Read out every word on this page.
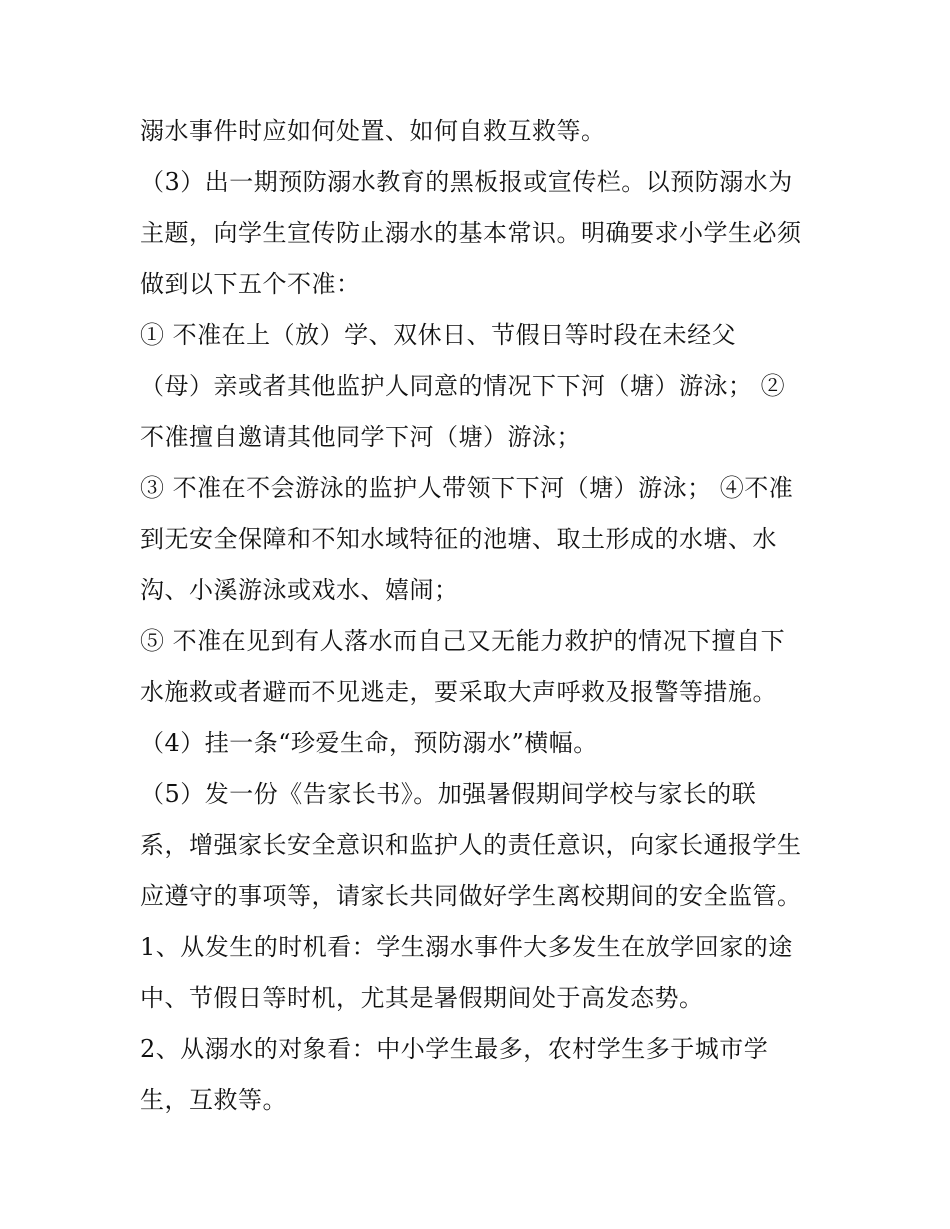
溺水事件时应如何处置、如何自救互救等。
（3）出一期预防溺水教育的黑板报或宣传栏。以预防溺水为
主题，向学生宣传防止溺水的基本常识。明确要求小学生必须
做到以下五个不准：
① 不准在上（放）学、双休日、节假日等时段在未经父
（母）亲或者其他监护人同意的情况下下河（塘）游泳； ②
不准擅自邀请其他同学下河（塘）游泳；
③ 不准在不会游泳的监护人带领下下河（塘）游泳； ④不准
到无安全保障和不知水域特征的池塘、取土形成的水塘、水
沟、小溪游泳或戏水、嬉闹；
⑤ 不准在见到有人落水而自己又无能力救护的情况下擅自下
水施救或者避而不见逃走，要采取大声呼救及报警等措施。
（4）挂一条“珍爱生命，预防溺水”横幅。
（5）发一份《告家长书》。加强暑假期间学校与家长的联
系，增强家长安全意识和监护人的责任意识，向家长通报学生
应遵守的事项等，请家长共同做好学生离校期间的安全监管。
1、从发生的时机看：学生溺水事件大多发生在放学回家的途
中、节假日等时机，尤其是暑假期间处于高发态势。
2、从溺水的对象看：中小学生最多，农村学生多于城市学
生，互救等。
